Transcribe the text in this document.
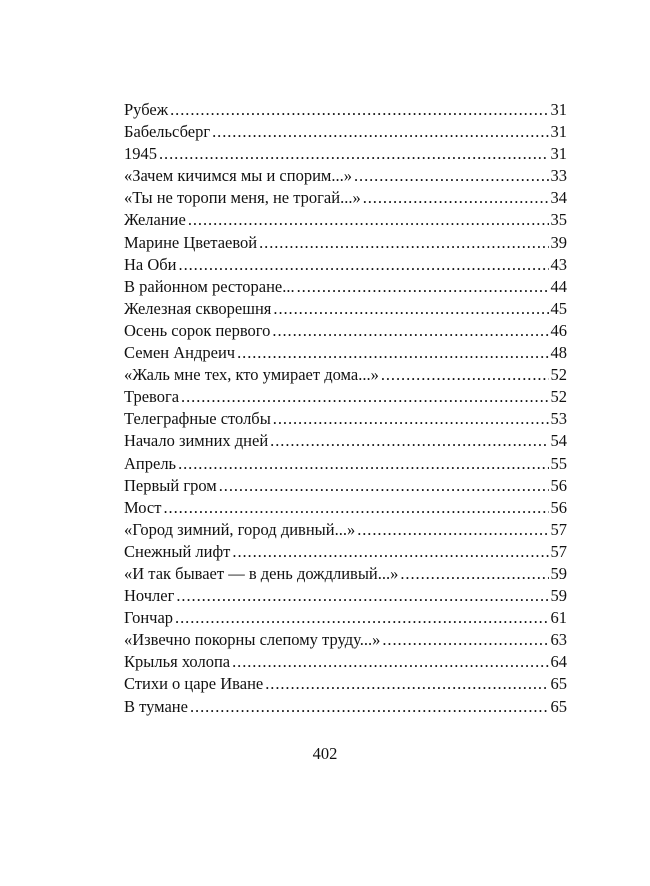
Рубеж . . .	31
Бабельсберг . . .	31
1945 . . .	31
«Зачем кичимся мы и спорим...» . . .	33
«Ты не торопи меня, не трогай...» . . .	34
Желание . . .	35
Марине Цветаевой . . .	39
На Оби . . .	43
В районном ресторане... . . .	44
Железная скворешня . . .	45
Осень сорок первого . . .	46
Семен Андреич . . .	48
«Жаль мне тех, кто умирает дома...» . . .	52
Тревога . . .	52
Телеграфные столбы . . .	53
Начало зимних дней . . .	54
Апрель . . .	55
Первый гром . . .	56
Мост . . .	56
«Город зимний, город дивный...» . . .	57
Снежный лифт . . .	57
«И так бывает — в день дождливый...» . . .	59
Ночлег . . .	59
Гончар . . .	61
«Извечно покорны слепому труду...» . . .	63
Крылья холопа . . .	64
Стихи о царе Иване . . .	65
В тумане . . .	65
402
